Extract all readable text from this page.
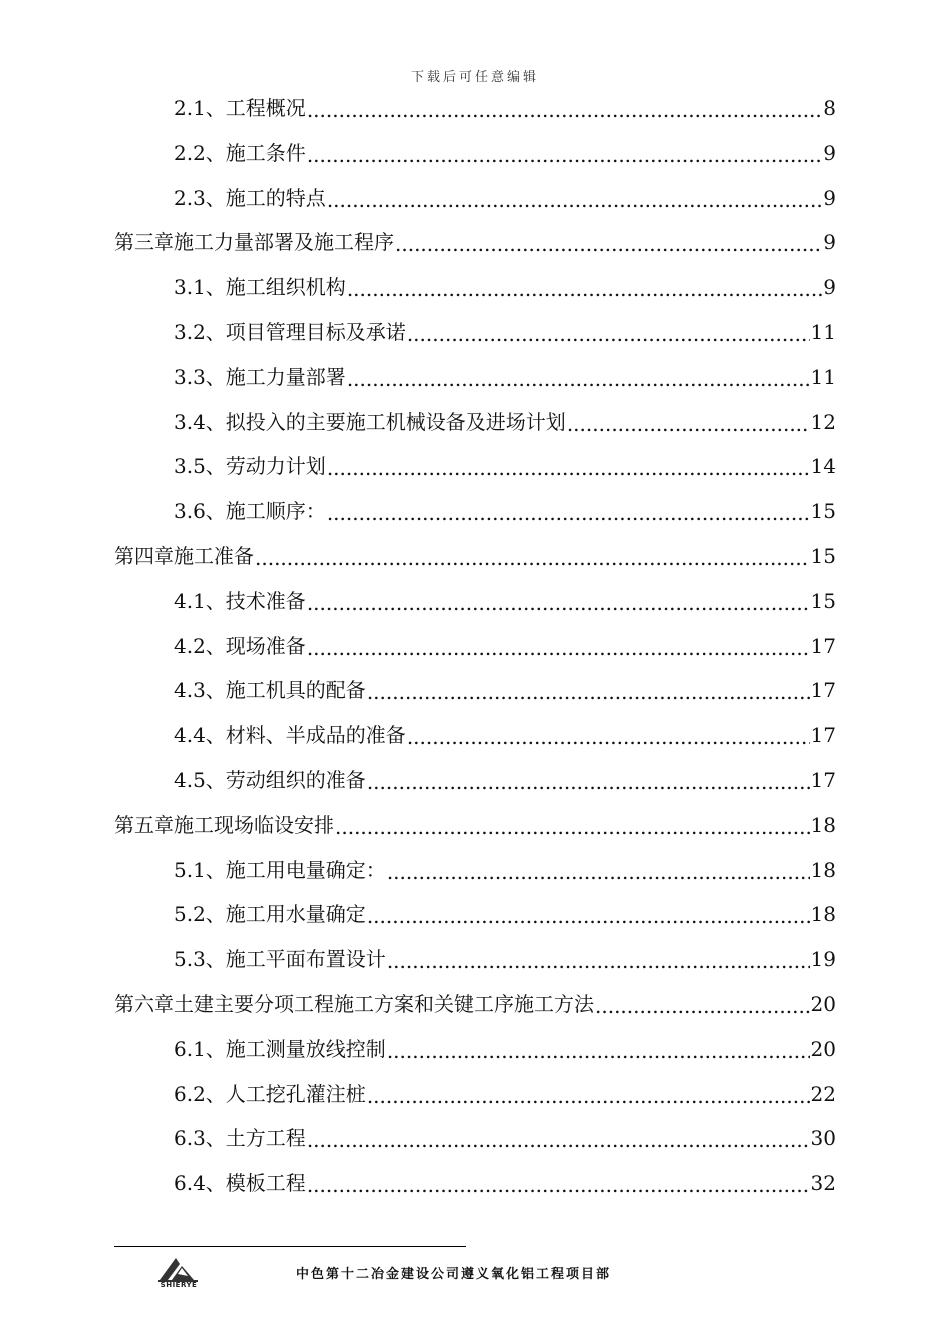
下载后可任意编辑
2.1、工程概况 .....	8
2.2、施工条件 .....	9
2.3、施工的特点 .....	9
第三章施工力量部署及施工程序 .....	9
3.1、施工组织机构 .....	9
3.2、项目管理目标及承诺 .....	11
3.3、施工力量部署 .....	11
3.4、拟投入的主要施工机械设备及进场计划 .....	12
3.5、劳动力计划 .....	14
3.6、施工顺序： .....	15
第四章施工准备 .....	15
4.1、技术准备 .....	15
4.2、现场准备 .....	17
4.3、施工机具的配备 .....	17
4.4、材料、半成品的准备 .....	17
4.5、劳动组织的准备 .....	17
第五章施工现场临设安排 .....	18
5.1、施工用电量确定： .....	18
5.2、施工用水量确定 .....	18
5.3、施工平面布置设计 .....	19
第六章土建主要分项工程施工方案和关键工序施工方法 .....	20
6.1、施工测量放线控制 .....	20
6.2、人工挖孔灌注桩 .....	22
6.3、土方工程 .....	30
6.4、模板工程 .....	32
SHIERYE
中色第十二冶金建设公司遵义氧化铝工程项目部
